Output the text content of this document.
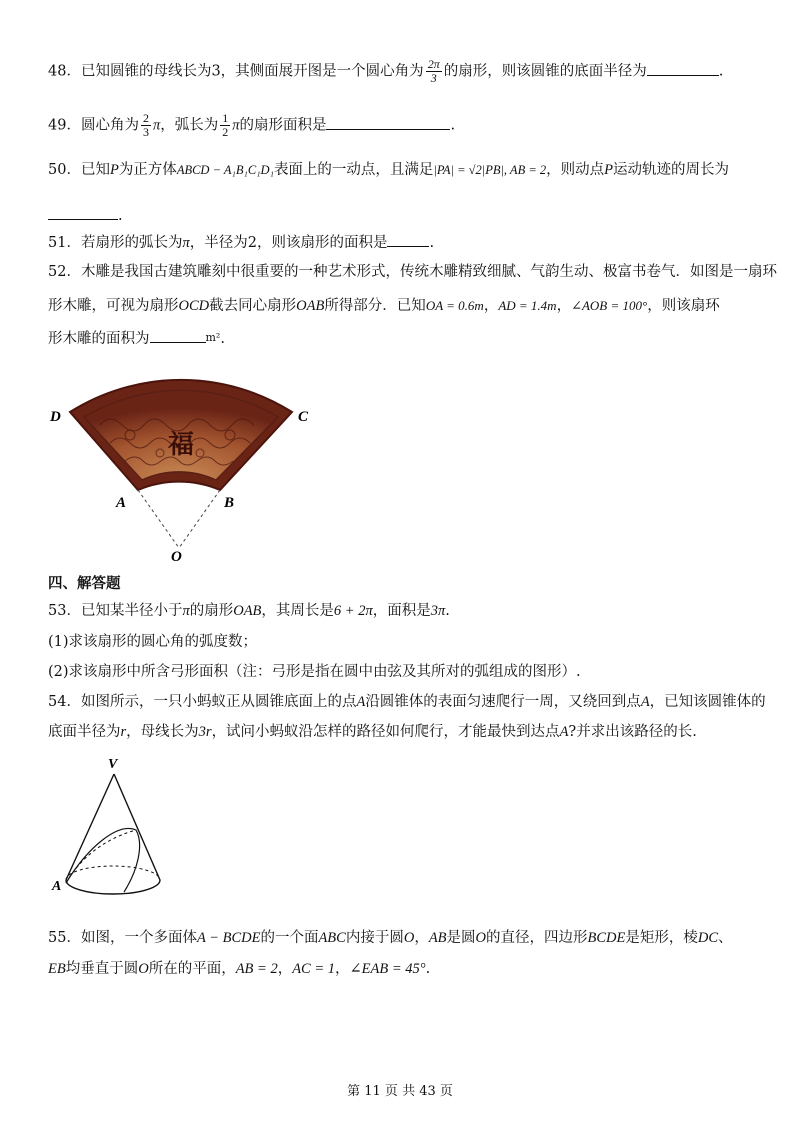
48．已知圆锥的母线长为3，其侧面展开图是一个圆心角为 $\frac{2\pi}{3}$ 的扇形，则该圆锥的底面半径为	.
49．圆心角为 $\frac{2}{3}$ π，弧长为 $\frac{1}{2}$ π的扇形面积是	.
50．已知P为正方体ABCD − A₁B₁C₁D₁表面上的一动点，且满足|PA| = √2|PB|, AB = 2，则动点P运动轨迹的周长为
.
51．若扇形的弧长为π，半径为2，则该扇形的面积是	.
52．木雕是我国古建筑雕刻中很重要的一种艺术形式，传统木雕精致细腻、气韵生动、极富书卷气．如图是一扇环
形木雕，可视为扇形OCD截去同心扇形OAB所得部分．已知OA = 0.6m，AD = 1.4m，∠AOB = 100°，则该扇环
形木雕的面积为	$^{m^2}$.
福
D	C
A	B
O
四、解答题
53．已知某半径小于π的扇形OAB，其周长是6 + 2π，面积是3π.
(1)求该扇形的圆心角的弧度数；
(2)求该扇形中所含弓形面积（注：弓形是指在圆中由弦及其所对的弧组成的图形）.
54．如图所示，一只小蚂蚁正从圆锥底面上的点A沿圆锥体的表面匀速爬行一周，又绕回到点A，已知该圆锥体的
底面半径为r，母线长为3r，试问小蚂蚁沿怎样的路径如何爬行，才能最快到达点A?并求出该路径的长.
V
A
55．如图，一个多面体A − BCDE的一个面ABC内接于圆O，AB是圆O的直径，四边形BCDE是矩形，棱DC、
EB均垂直于圆O所在的平面，AB = 2，AC = 1，∠EAB = 45°.
第 11 页 共 43 页
